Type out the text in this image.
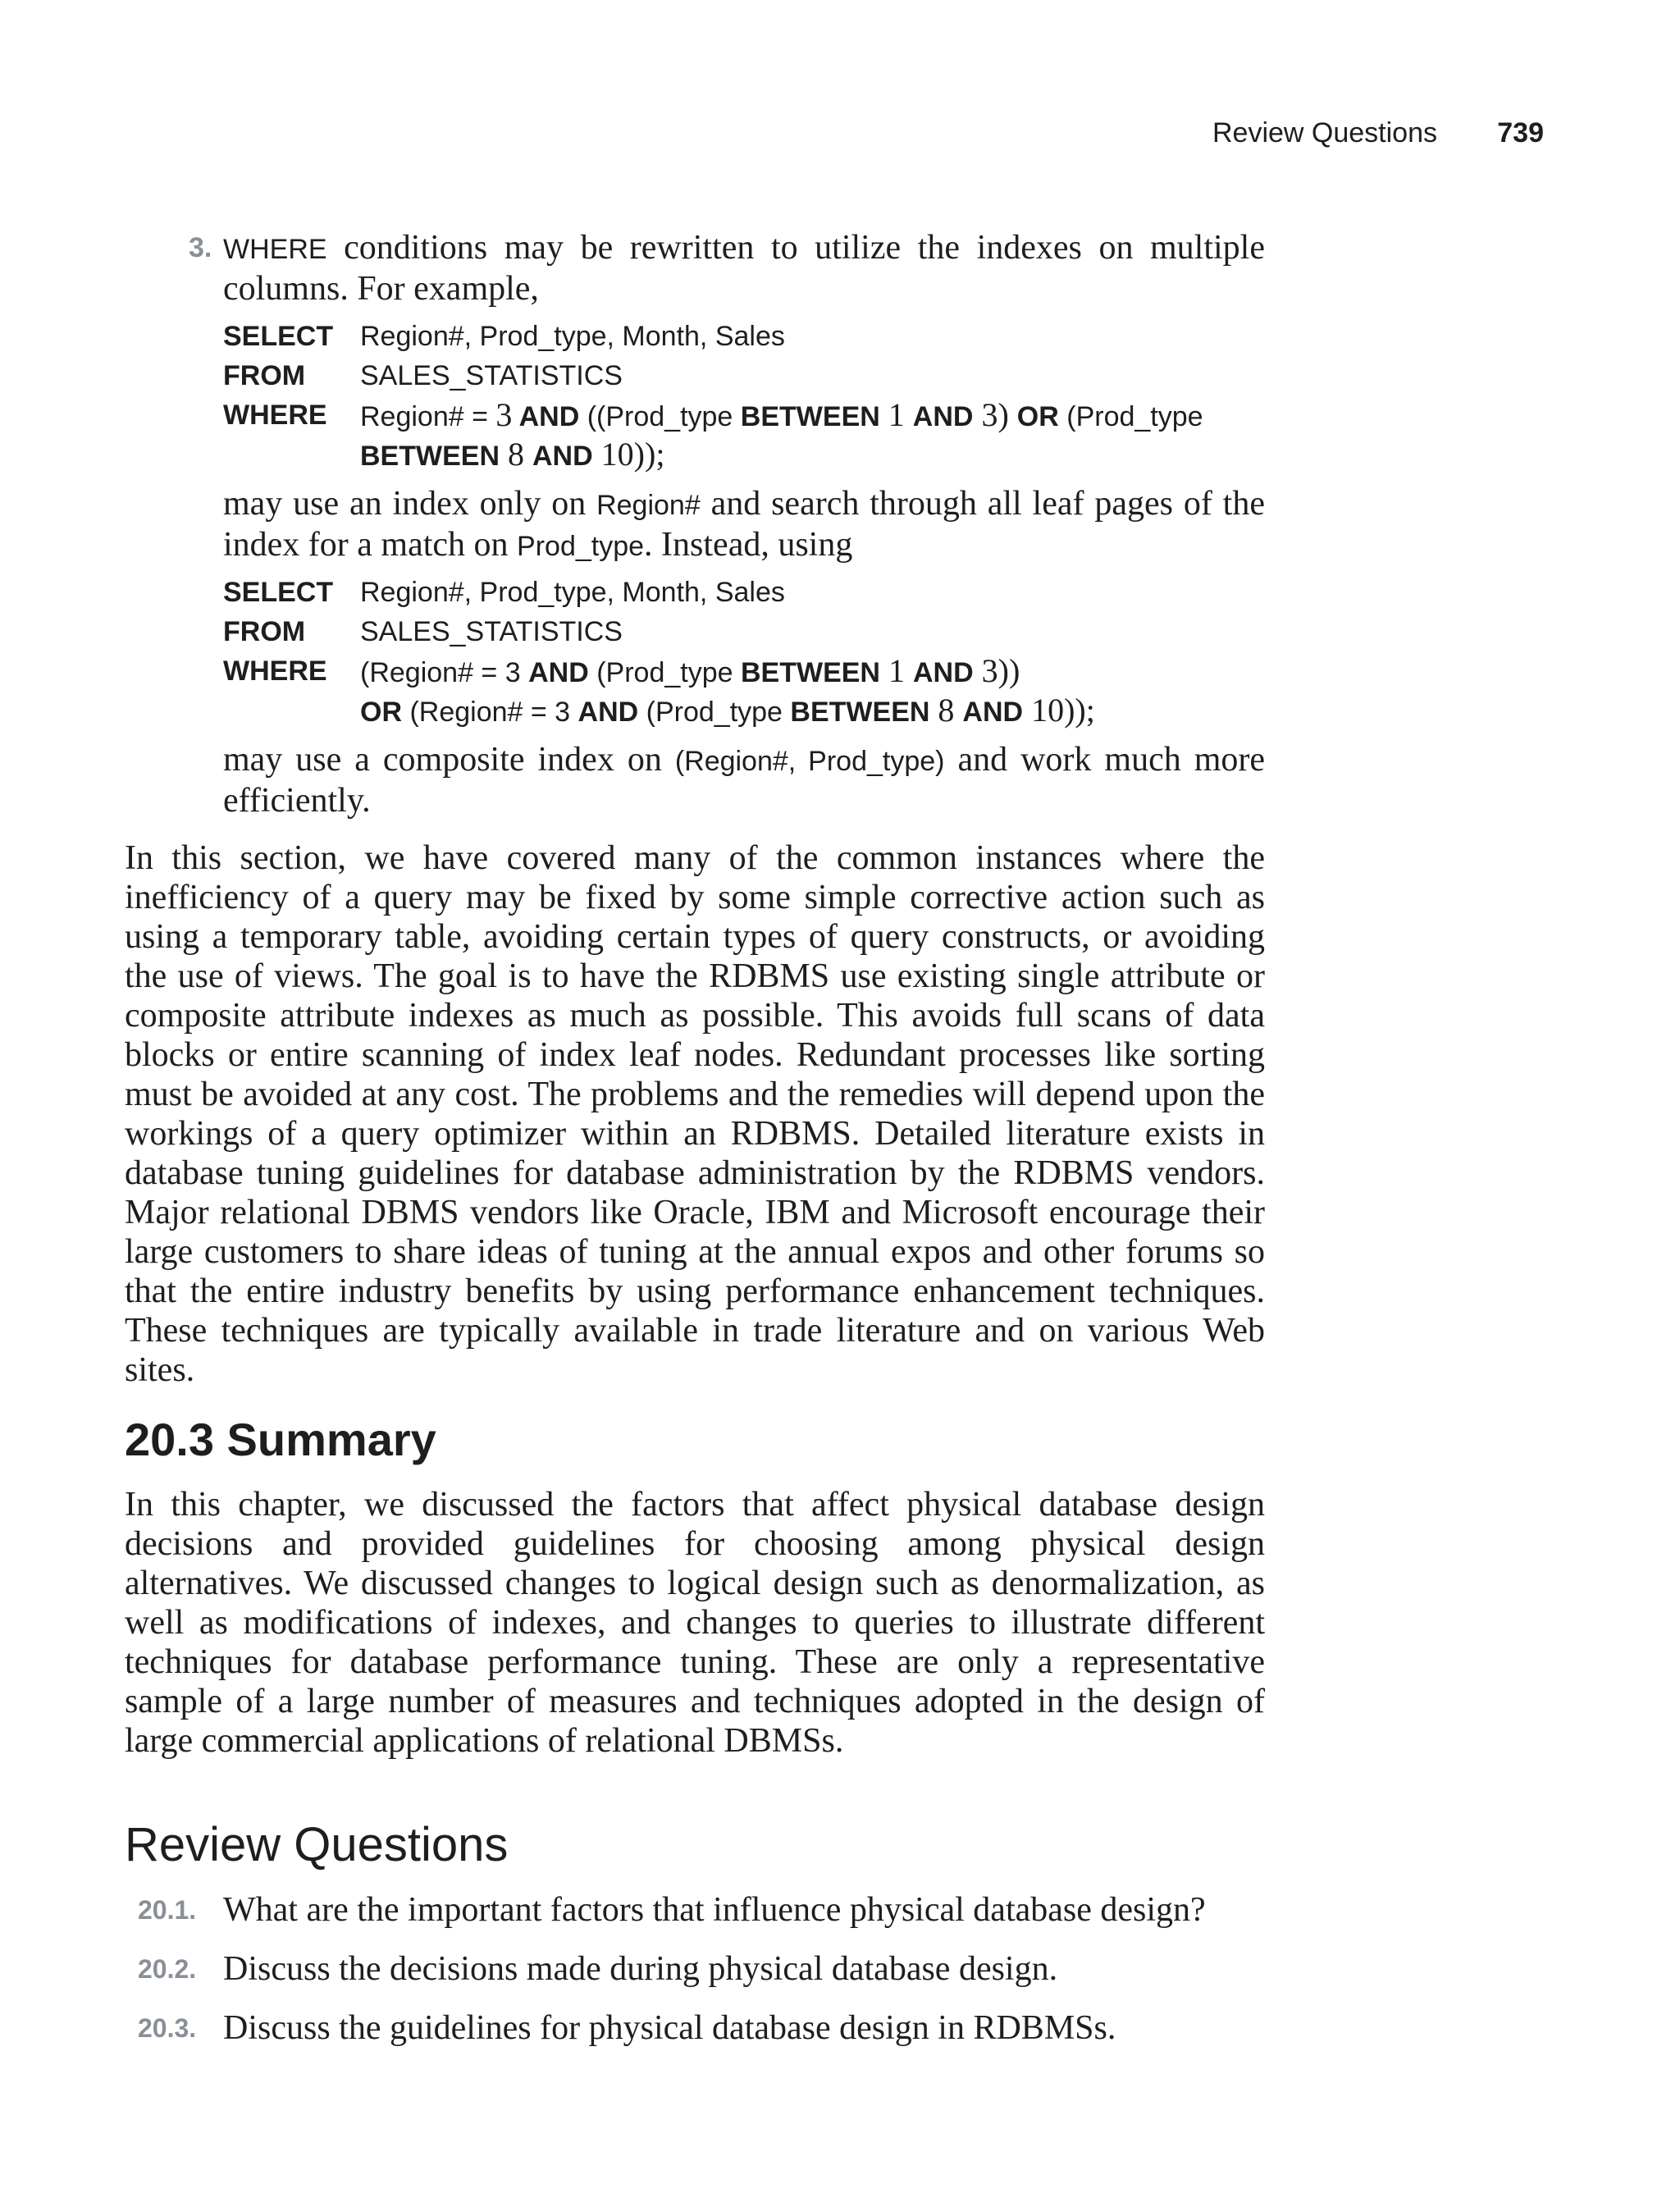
Review Questions 739
3. WHERE conditions may be rewritten to utilize the indexes on multiple columns. For example,
SELECT Region#, Prod_type, Month, Sales
FROM SALES_STATISTICS
WHERE Region# = 3 AND ((Prod_type BETWEEN 1 AND 3) OR (Prod_type
BETWEEN 8 AND 10));
may use an index only on Region# and search through all leaf pages of the index for a match on Prod_type. Instead, using
SELECT Region#, Prod_type, Month, Sales
FROM SALES_STATISTICS
WHERE (Region# = 3 AND (Prod_type BETWEEN 1 AND 3))
OR (Region# = 3 AND (Prod_type BETWEEN 8 AND 10));
may use a composite index on (Region#, Prod_type) and work much more efficiently.
In this section, we have covered many of the common instances where the inefficiency of a query may be fixed by some simple corrective action such as using a temporary table, avoiding certain types of query constructs, or avoiding the use of views. The goal is to have the RDBMS use existing single attribute or composite attribute indexes as much as possible. This avoids full scans of data blocks or entire scanning of index leaf nodes. Redundant processes like sorting must be avoided at any cost. The problems and the remedies will depend upon the workings of a query optimizer within an RDBMS. Detailed literature exists in database tuning guidelines for database administration by the RDBMS vendors. Major relational DBMS vendors like Oracle, IBM and Microsoft encourage their large customers to share ideas of tuning at the annual expos and other forums so that the entire industry benefits by using performance enhancement techniques. These techniques are typically available in trade literature and on various Web sites.
20.3 Summary
In this chapter, we discussed the factors that affect physical database design decisions and provided guidelines for choosing among physical design alternatives. We discussed changes to logical design such as denormalization, as well as modifications of indexes, and changes to queries to illustrate different techniques for database performance tuning. These are only a representative sample of a large number of measures and techniques adopted in the design of large commercial applications of relational DBMSs.
Review Questions
20.1. What are the important factors that influence physical database design?
20.2. Discuss the decisions made during physical database design.
20.3. Discuss the guidelines for physical database design in RDBMSs.
